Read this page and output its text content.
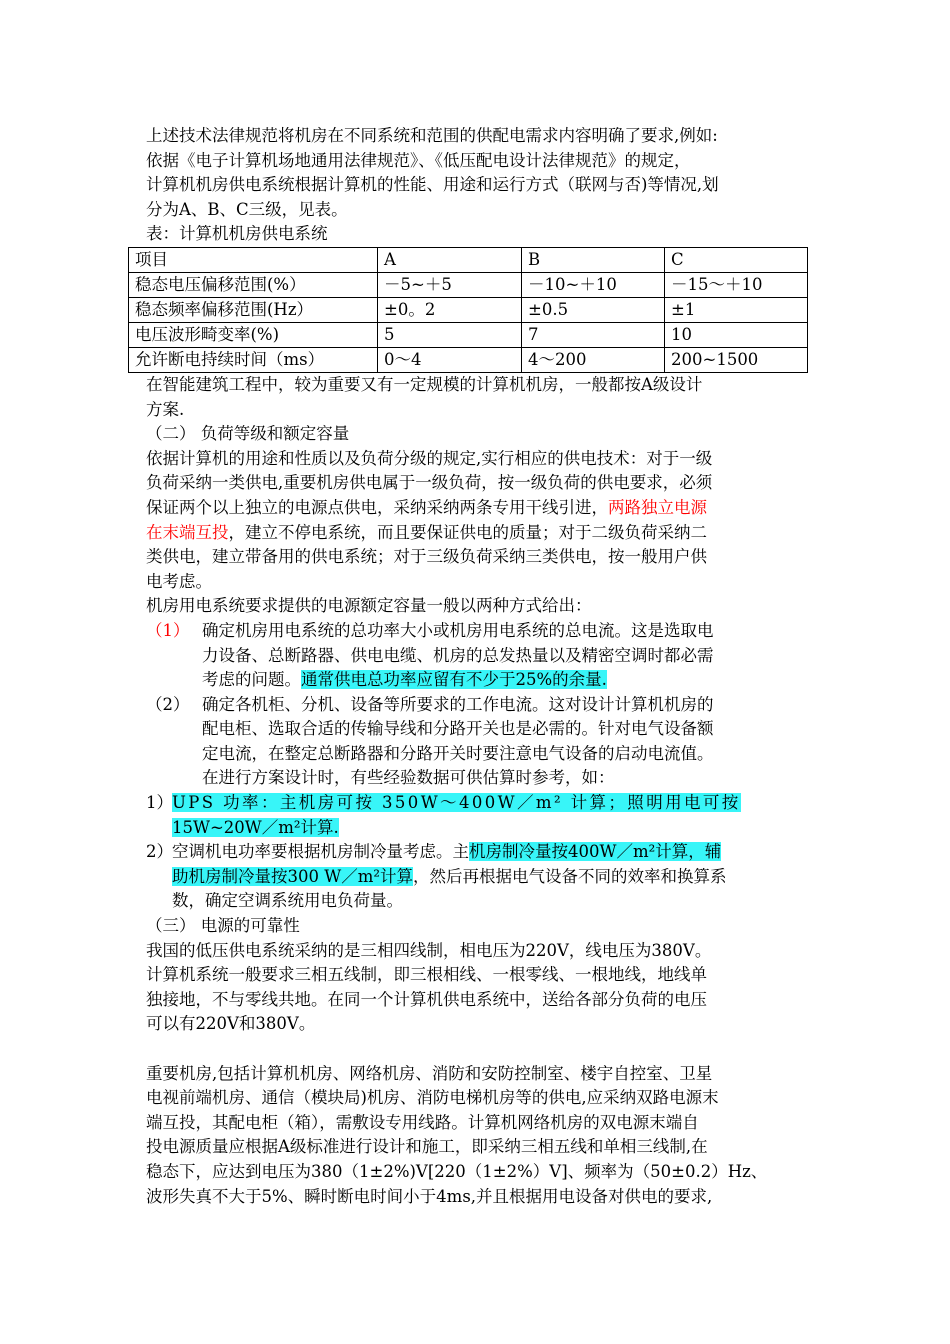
上述技术法律规范将机房在不同系统和范围的供配电需求内容明确了要求,例如:

依据《电子计算机场地通用法律规范》、《低压配电设计法律规范》的规定，

计算机机房供电系统根据计算机的性能、用途和运行方式（联网与否)等情况,划

分为A、B、C三级，见表。

表：计算机机房供电系统

项目	A	B	C
稳态电压偏移范围(%）	－5~＋5	－10~＋10	－15～＋10
稳态频率偏移范围(Hz）	±0。2	±0.5	±1
电压波形畸变率(%)	5	7	10
允许断电持续时间（ms）	0～4	4～200	200~1500

在智能建筑工程中，较为重要又有一定规模的计算机机房，一般都按A级设计

方案.

（二） 负荷等级和额定容量

依据计算机的用途和性质以及负荷分级的规定,实行相应的供电技术：对于一级

负荷采纳一类供电,重要机房供电属于一级负荷，按一级负荷的供电要求，必须

保证两个以上独立的电源点供电，采纳采纳两条专用干线引进，两路独立电源

在末端互投，建立不停电系统，而且要保证供电的质量；对于二级负荷采纳二

类供电，建立带备用的供电系统；对于三级负荷采纳三类供电，按一般用户供

电考虑。

机房用电系统要求提供的电源额定容量一般以两种方式给出：

（1） 确定机房用电系统的总功率大小或机房用电系统的总电流。这是选取电

力设备、总断路器、供电电缆、机房的总发热量以及精密空调时都必需

考虑的问题。通常供电总功率应留有不少于25%的余量.

（2） 确定各机柜、分机、设备等所要求的工作电流。这对设计计算机机房的

配电柜、选取合适的传输导线和分路开关也是必需的。针对电气设备额

定电流，在整定总断路器和分路开关时要注意电气设备的启动电流值。

在进行方案设计时，有些经验数据可供估算时参考，如：

1） UPS 功率：主机房可按 350W～400W／m² 计算；照明用电可按

15W~20W／m²计算.

2） 空调机电功率要根据机房制冷量考虑。主机房制冷量按400W／m²计算，辅

助机房制冷量按300 W／m²计算，然后再根据电气设备不同的效率和换算系

数，确定空调系统用电负荷量。

（三） 电源的可靠性

我国的低压供电系统采纳的是三相四线制，相电压为220V，线电压为380V。

计算机系统一般要求三相五线制，即三根相线、一根零线、一根地线，地线单

独接地，不与零线共地。在同一个计算机供电系统中，送给各部分负荷的电压

可以有220V和380V。

重要机房,包括计算机机房、网络机房、消防和安防控制室、楼宇自控室、卫星

电视前端机房、通信（模块局)机房、消防电梯机房等的供电,应采纳双路电源末

端互投，其配电柜（箱），需敷设专用线路。计算机网络机房的双电源末端自

投电源质量应根据A级标准进行设计和施工，即采纳三相五线和单相三线制,在

稳态下，应达到电压为380（1±2%)V[220（1±2%）V]、频率为（50±0.2）Hz、

波形失真不大于5%、瞬时断电时间小于4ms,并且根据用电设备对供电的要求,
